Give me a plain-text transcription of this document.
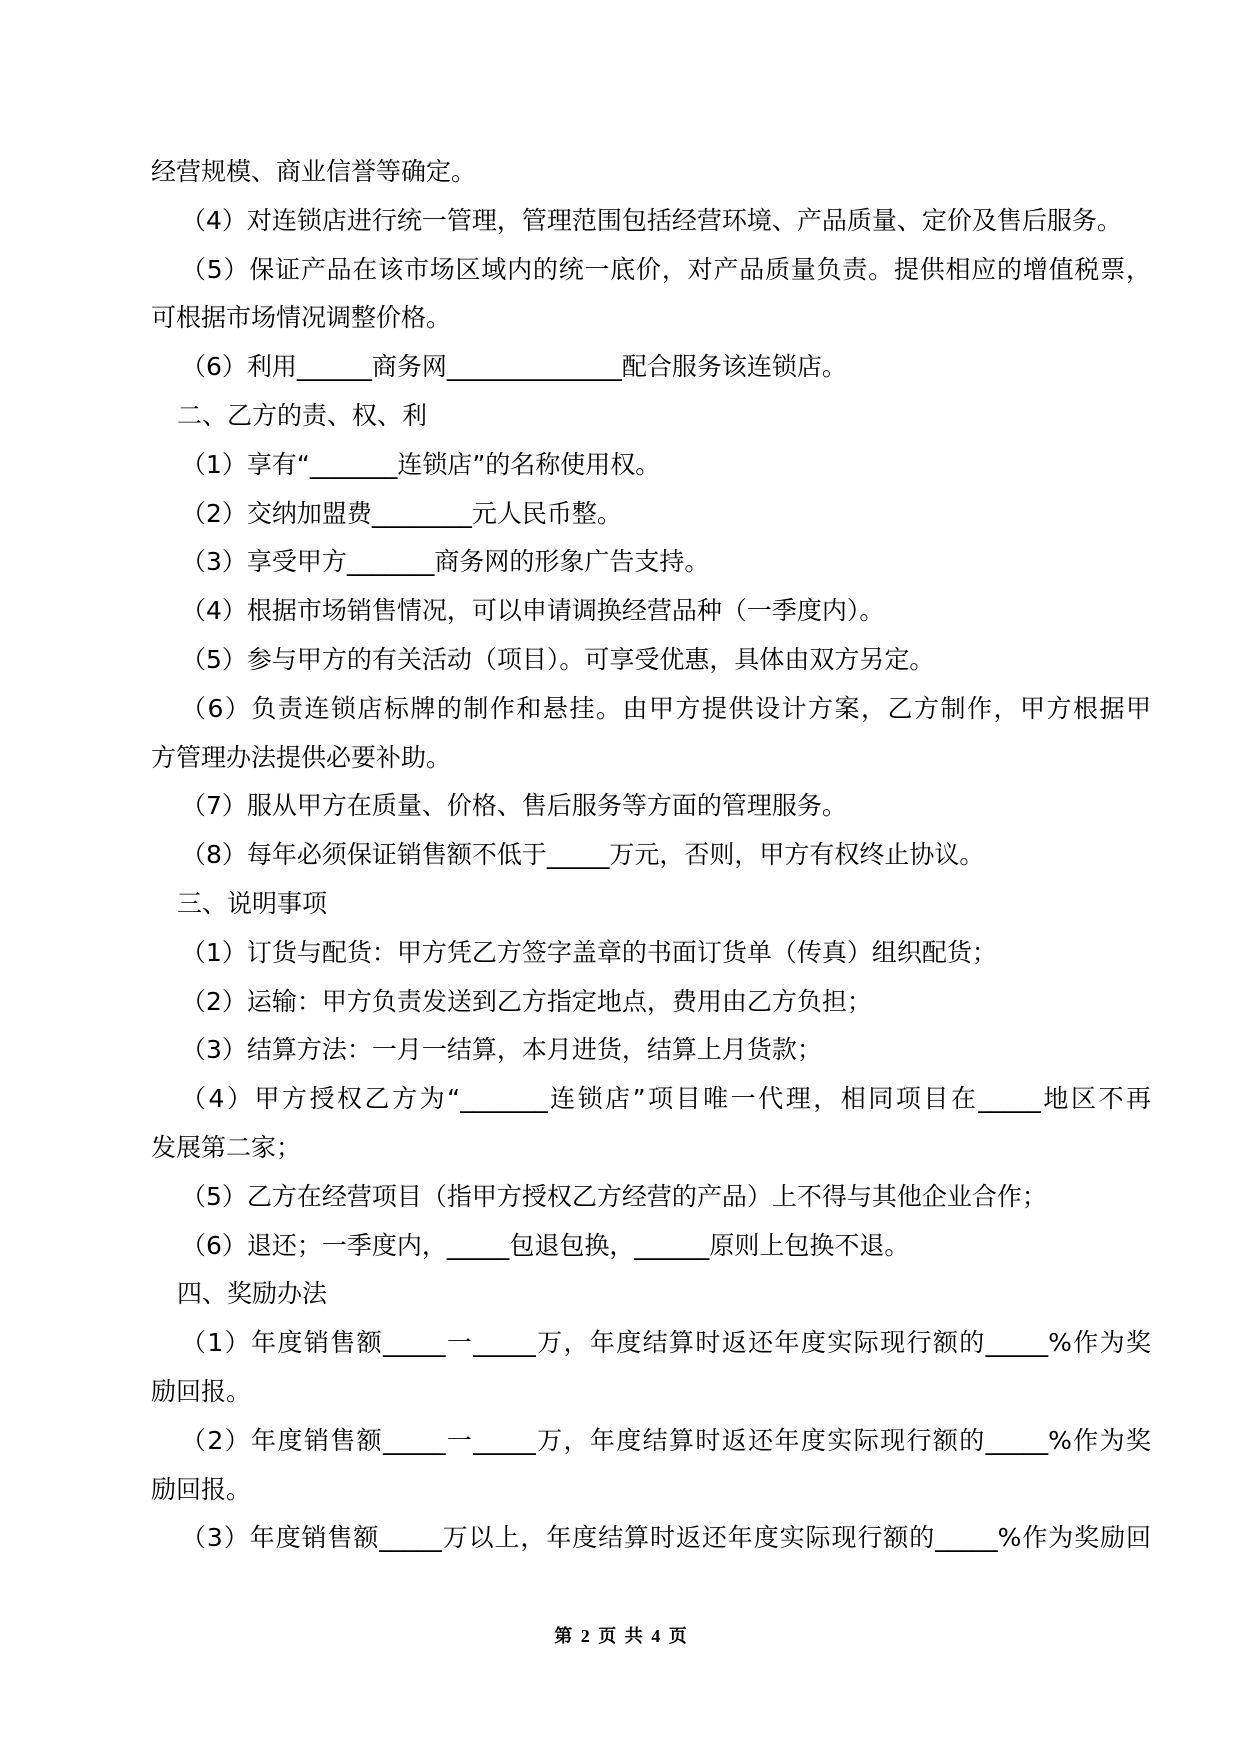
经营规模、商业信誉等确定。
（4）对连锁店进行统一管理，管理范围包括经营环境、产品质量、定价及售后服务。
（5）保证产品在该市场区域内的统一底价，对产品质量负责。提供相应的增值税票，
可根据市场情况调整价格。
（6）利用______商务网______________配合服务该连锁店。
二、乙方的责、权、利
（1）享有“_______连锁店”的名称使用权。
（2）交纳加盟费________元人民币整。
（3）享受甲方_______商务网的形象广告支持。
（4）根据市场销售情况，可以申请调换经营品种（一季度内）。
（5）参与甲方的有关活动（项目）。可享受优惠，具体由双方另定。
（6）负责连锁店标牌的制作和悬挂。由甲方提供设计方案，乙方制作，甲方根据甲
方管理办法提供必要补助。
（7）服从甲方在质量、价格、售后服务等方面的管理服务。
（8）每年必须保证销售额不低于_____万元，否则，甲方有权终止协议。
三、说明事项
（1）订货与配货：甲方凭乙方签字盖章的书面订货单（传真）组织配货；
（2）运输：甲方负责发送到乙方指定地点，费用由乙方负担；
（3）结算方法：一月一结算，本月进货，结算上月货款；
（4）甲方授权乙方为“_______连锁店”项目唯一代理，相同项目在_____地区不再
发展第二家；
（5）乙方在经营项目（指甲方授权乙方经营的产品）上不得与其他企业合作；
（6）退还；一季度内，_____包退包换，______原则上包换不退。
四、奖励办法
（1）年度销售额_____一_____万，年度结算时返还年度实际现行额的_____%作为奖
励回报。
（2）年度销售额_____一_____万，年度结算时返还年度实际现行额的_____%作为奖
励回报。
（3）年度销售额_____万以上，年度结算时返还年度实际现行额的_____%作为奖励回
第 2 页 共 4 页
